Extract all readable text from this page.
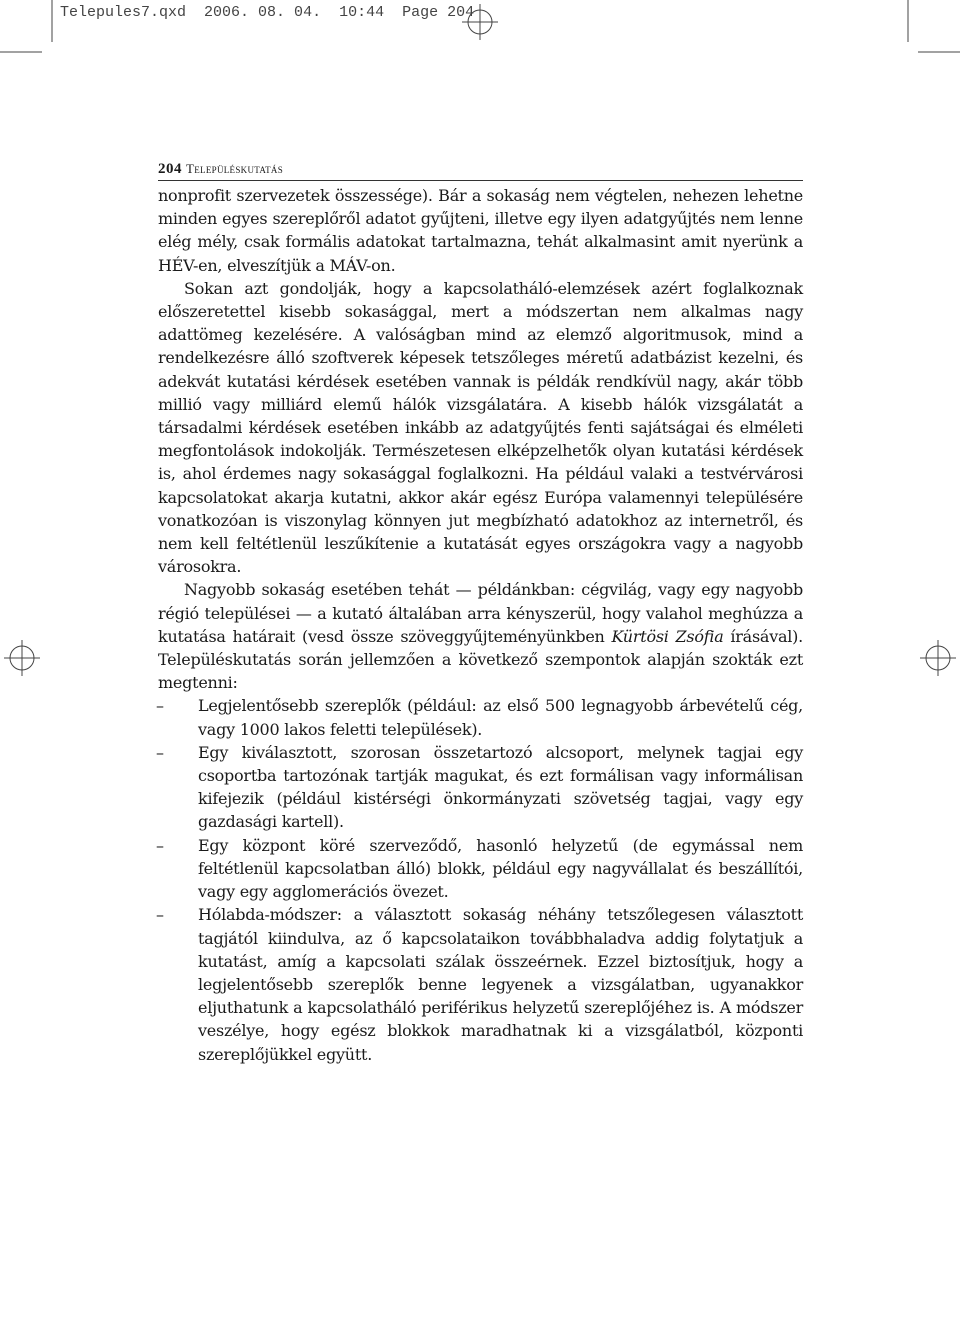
Telepules7.qxd 2006. 08. 04. 10:44 Page 204
204 Településkutatás

nonprofit szervezetek összessége). Bár a sokaság nem végtelen, nehezen lehetne minden egyes szereplőről adatot gyűjteni, illetve egy ilyen adatgyűjtés nem lenne elég mély, csak formális adatokat tartalmazna, tehát alkalmasint amit nyerünk a HÉV-en, elveszítjük a MÁV-on.

Sokan azt gondolják, hogy a kapcsolatháló-elemzések azért foglalkoznak előszeretettel kisebb sokasággal, mert a módszertan nem alkalmas nagy adattömeg kezelésére. A valóságban mind az elemző algoritmusok, mind a rendelkezésre álló szoftverek képesek tetszőleges méretű adatbázist kezelni, és adekvát kutatási kérdések esetében vannak is példák rendkívül nagy, akár több millió vagy milliárd elemű hálók vizsgálatára. A kisebb hálók vizsgálatát a társadalmi kérdések esetében inkább az adatgyűjtés fenti sajátságai és elméleti megfontolások indokolják. Természetesen elképzelhetők olyan kutatási kérdések is, ahol érdemes nagy sokasággal foglalkozni. Ha például valaki a testvérvárosi kapcsolatokat akarja kutatni, akkor akár egész Európa valamennyi településére vonatkozóan is viszonylag könnyen jut megbízható adatokhoz az internetről, és nem kell feltétlenül leszűkítenie a kutatását egyes országokra vagy a nagyobb városokra.

Nagyobb sokaság esetében tehát — példánkban: cégvilág, vagy egy nagyobb régió települései — a kutató általában arra kényszerül, hogy valahol meghúzza a kutatása határait (vesd össze szöveggyűjteményünkben Kürtösi Zsófia írásával). Településkutatás során jellemzően a következő szempontok alapján szokták ezt megtenni:

– Legjelentősebb szereplők (például: az első 500 legnagyobb árbevételű cég, vagy 1000 lakos feletti települések).
– Egy kiválasztott, szorosan összetartozó alcsoport, melynek tagjai egy csoportba tartozónak tartják magukat, és ezt formálisan vagy informálisan kifejezik (például kistérségi önkormányzati szövetség tagjai, vagy egy gazdasági kartell).
– Egy központ köré szerveződő, hasonló helyzetű (de egymással nem feltétlenül kapcsolatban álló) blokk, például egy nagyvállalat és beszállítói, vagy egy agglomerációs övezet.
– Hólabda-módszer: a választott sokaság néhány tetszőlegesen választott tagjától kiindulva, az ő kapcsolataikon továbbhaladva addig folytatjuk a kutatást, amíg a kapcsolati szálak összeérnek. Ezzel biztosítjuk, hogy a legjelentősebb szereplők benne legyenek a vizsgálatban, ugyanakkor eljuthatunk a kapcsolatháló periférikus helyzetű szereplőjéhez is. A módszer veszélye, hogy egész blokkok maradhatnak ki a vizsgálatból, központi szereplőjükkel együtt.
